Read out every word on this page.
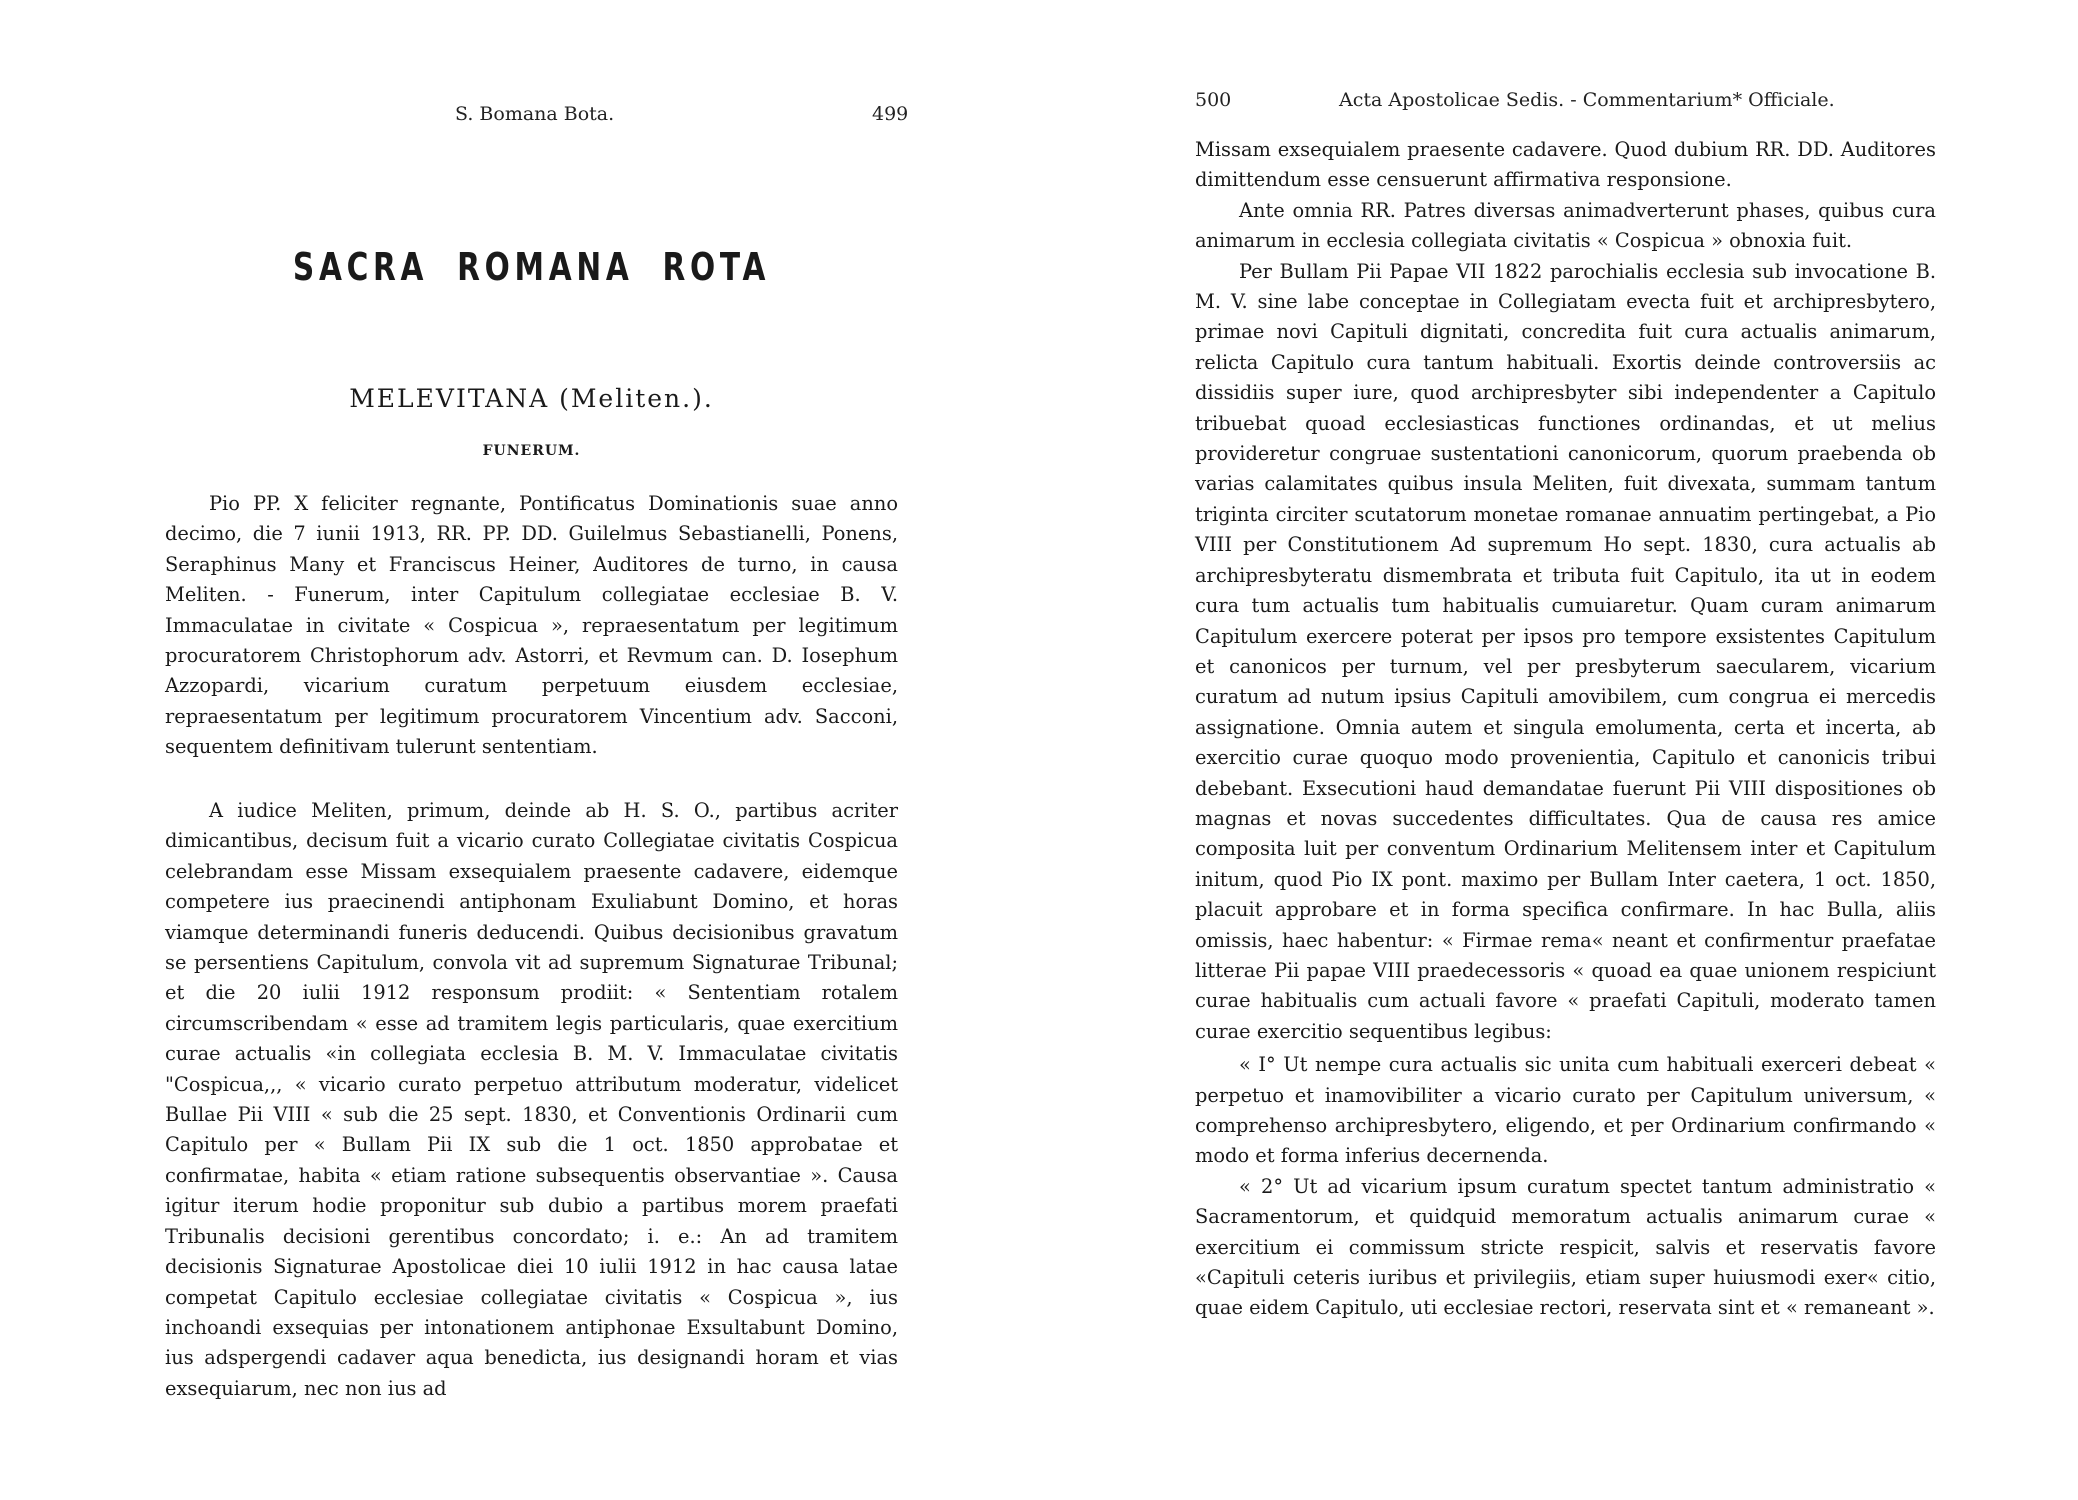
S. Bomana Bota.	499
SACRA ROMANA ROTA
MELEVITANA (Meliten.).
FUNERUM.

Pio PP. X feliciter regnante, Pontificatus Dominationis suae anno decimo, die 7 iunii 1913, RR. PP. DD. Guilelmus Sebastianelli, Ponens, Seraphinus Many et Franciscus Heiner, Auditores de turno, in causa Meliten. - Funerum, inter Capitulum collegiatae ecclesiae B. V. Immaculatae in civitate « Cospicua », repraesentatum per legitimum procuratorem Christophorum adv. Astorri, et Revmum can. D. Iosephum Azzopardi, vicarium curatum perpetuum eiusdem ecclesiae, repraesentatum per legitimum procuratorem Vincentium adv. Sacconi, sequentem definitivam tulerunt sententiam.

A iudice Meliten, primum, deinde ab H. S. O., partibus acriter dimicantibus, decisum fuit a vicario curato Collegiatae civitatis Cospicua celebrandam esse Missam exsequialem praesente cadavere, eidemque competere ius praecinendi antiphonam Exuliabunt Domino, et horas viamque determinandi funeris deducendi. Quibus decisionibus gravatum se persentiens Capitulum, convola vit ad supremum Signaturae Tribunal; et die 20 iulii 1912 responsum prodiit: « Sententiam rotalem circumscribendam « esse ad tramitem legis particularis, quae exercitium curae actualis «in collegiata ecclesia B. M. V. Immaculatae civitatis "Cospicua,,, « vicario curato perpetuo attributum moderatur, videlicet Bullae Pii VIII « sub die 25 sept. 1830, et Conventionis Ordinarii cum Capitulo per « Bullam Pii IX sub die 1 oct. 1850 approbatae et confirmatae, habita « etiam ratione subsequentis observantiae ». Causa igitur iterum hodie proponitur sub dubio a partibus morem praefati Tribunalis decisioni gerentibus concordato; i. e.: An ad tramitem decisionis Signaturae Apostolicae diei 10 iulii 1912 in hac causa latae competat Capitulo ecclesiae collegiatae civitatis « Cospicua », ius inchoandi exsequias per intonationem antiphonae Exsultabunt Domino, ius adspergendi cadaver aqua benedicta, ius designandi horam et vias exsequiarum, nec non ius ad

500	Acta Apostolicae Sedis. - Commentarium* Officiale.

Missam exsequialem praesente cadavere. Quod dubium RR. DD. Auditores dimittendum esse censuerunt affirmativa responsione.

Ante omnia RR. Patres diversas animadverterunt phases, quibus cura animarum in ecclesia collegiata civitatis « Cospicua » obnoxia fuit.

Per Bullam Pii Papae VII 1822 parochialis ecclesia sub invocatione B. M. V. sine labe conceptae in Collegiatam evecta fuit et archipresbytero, primae novi Capituli dignitati, concredita fuit cura actualis animarum, relicta Capitulo cura tantum habituali. Exortis deinde controversiis ac dissidiis super iure, quod archipresbyter sibi independenter a Capitulo tribuebat quoad ecclesiasticas functiones ordinandas, et ut melius provideretur congruae sustentationi canonicorum, quorum praebenda ob varias calamitates quibus insula Meliten, fuit divexata, summam tantum triginta circiter scutatorum monetae romanae annuatim pertingebat, a Pio VIII per Constitutionem Ad supremum Ho sept. 1830, cura actualis ab archipresbyteratu dismembrata et tributa fuit Capitulo, ita ut in eodem cura tum actualis tum habitualis cumuiaretur. Quam curam animarum Capitulum exercere poterat per ipsos pro tempore exsistentes Capitulum et canonicos per turnum, vel per presbyterum saecularem, vicarium curatum ad nutum ipsius Capituli amovibilem, cum congrua ei mercedis assignatione. Omnia autem et singula emolumenta, certa et incerta, ab exercitio curae quoquo modo provenientia, Capitulo et canonicis tribui debebant. Exsecutioni haud demandatae fuerunt Pii VIII dispositiones ob magnas et novas succedentes difficultates. Qua de causa res amice composita luit per conventum Ordinarium Melitensem inter et Capitulum initum, quod Pio IX pont. maximo per Bullam Inter caetera, 1 oct. 1850, placuit approbare et in forma specifica confirmare. In hac Bulla, aliis omissis, haec habentur: « Firmae rema« neant et confirmentur praefatae litterae Pii papae VIII praedecessoris « quoad ea quae unionem respiciunt curae habitualis cum actuali favore « praefati Capituli, moderato tamen curae exercitio sequentibus legibus:

« I° Ut nempe cura actualis sic unita cum habituali exerceri debeat « perpetuo et inamovibiliter a vicario curato per Capitulum universum, « comprehenso archipresbytero, eligendo, et per Ordinarium confirmando « modo et forma inferius decernenda.

« 2° Ut ad vicarium ipsum curatum spectet tantum administratio « Sacramentorum, et quidquid memoratum actualis animarum curae « exercitium ei commissum stricte respicit, salvis et reservatis favore «Capituli ceteris iuribus et privilegiis, etiam super huiusmodi exer« citio, quae eidem Capitulo, uti ecclesiae rectori, reservata sint et « remaneant ».
